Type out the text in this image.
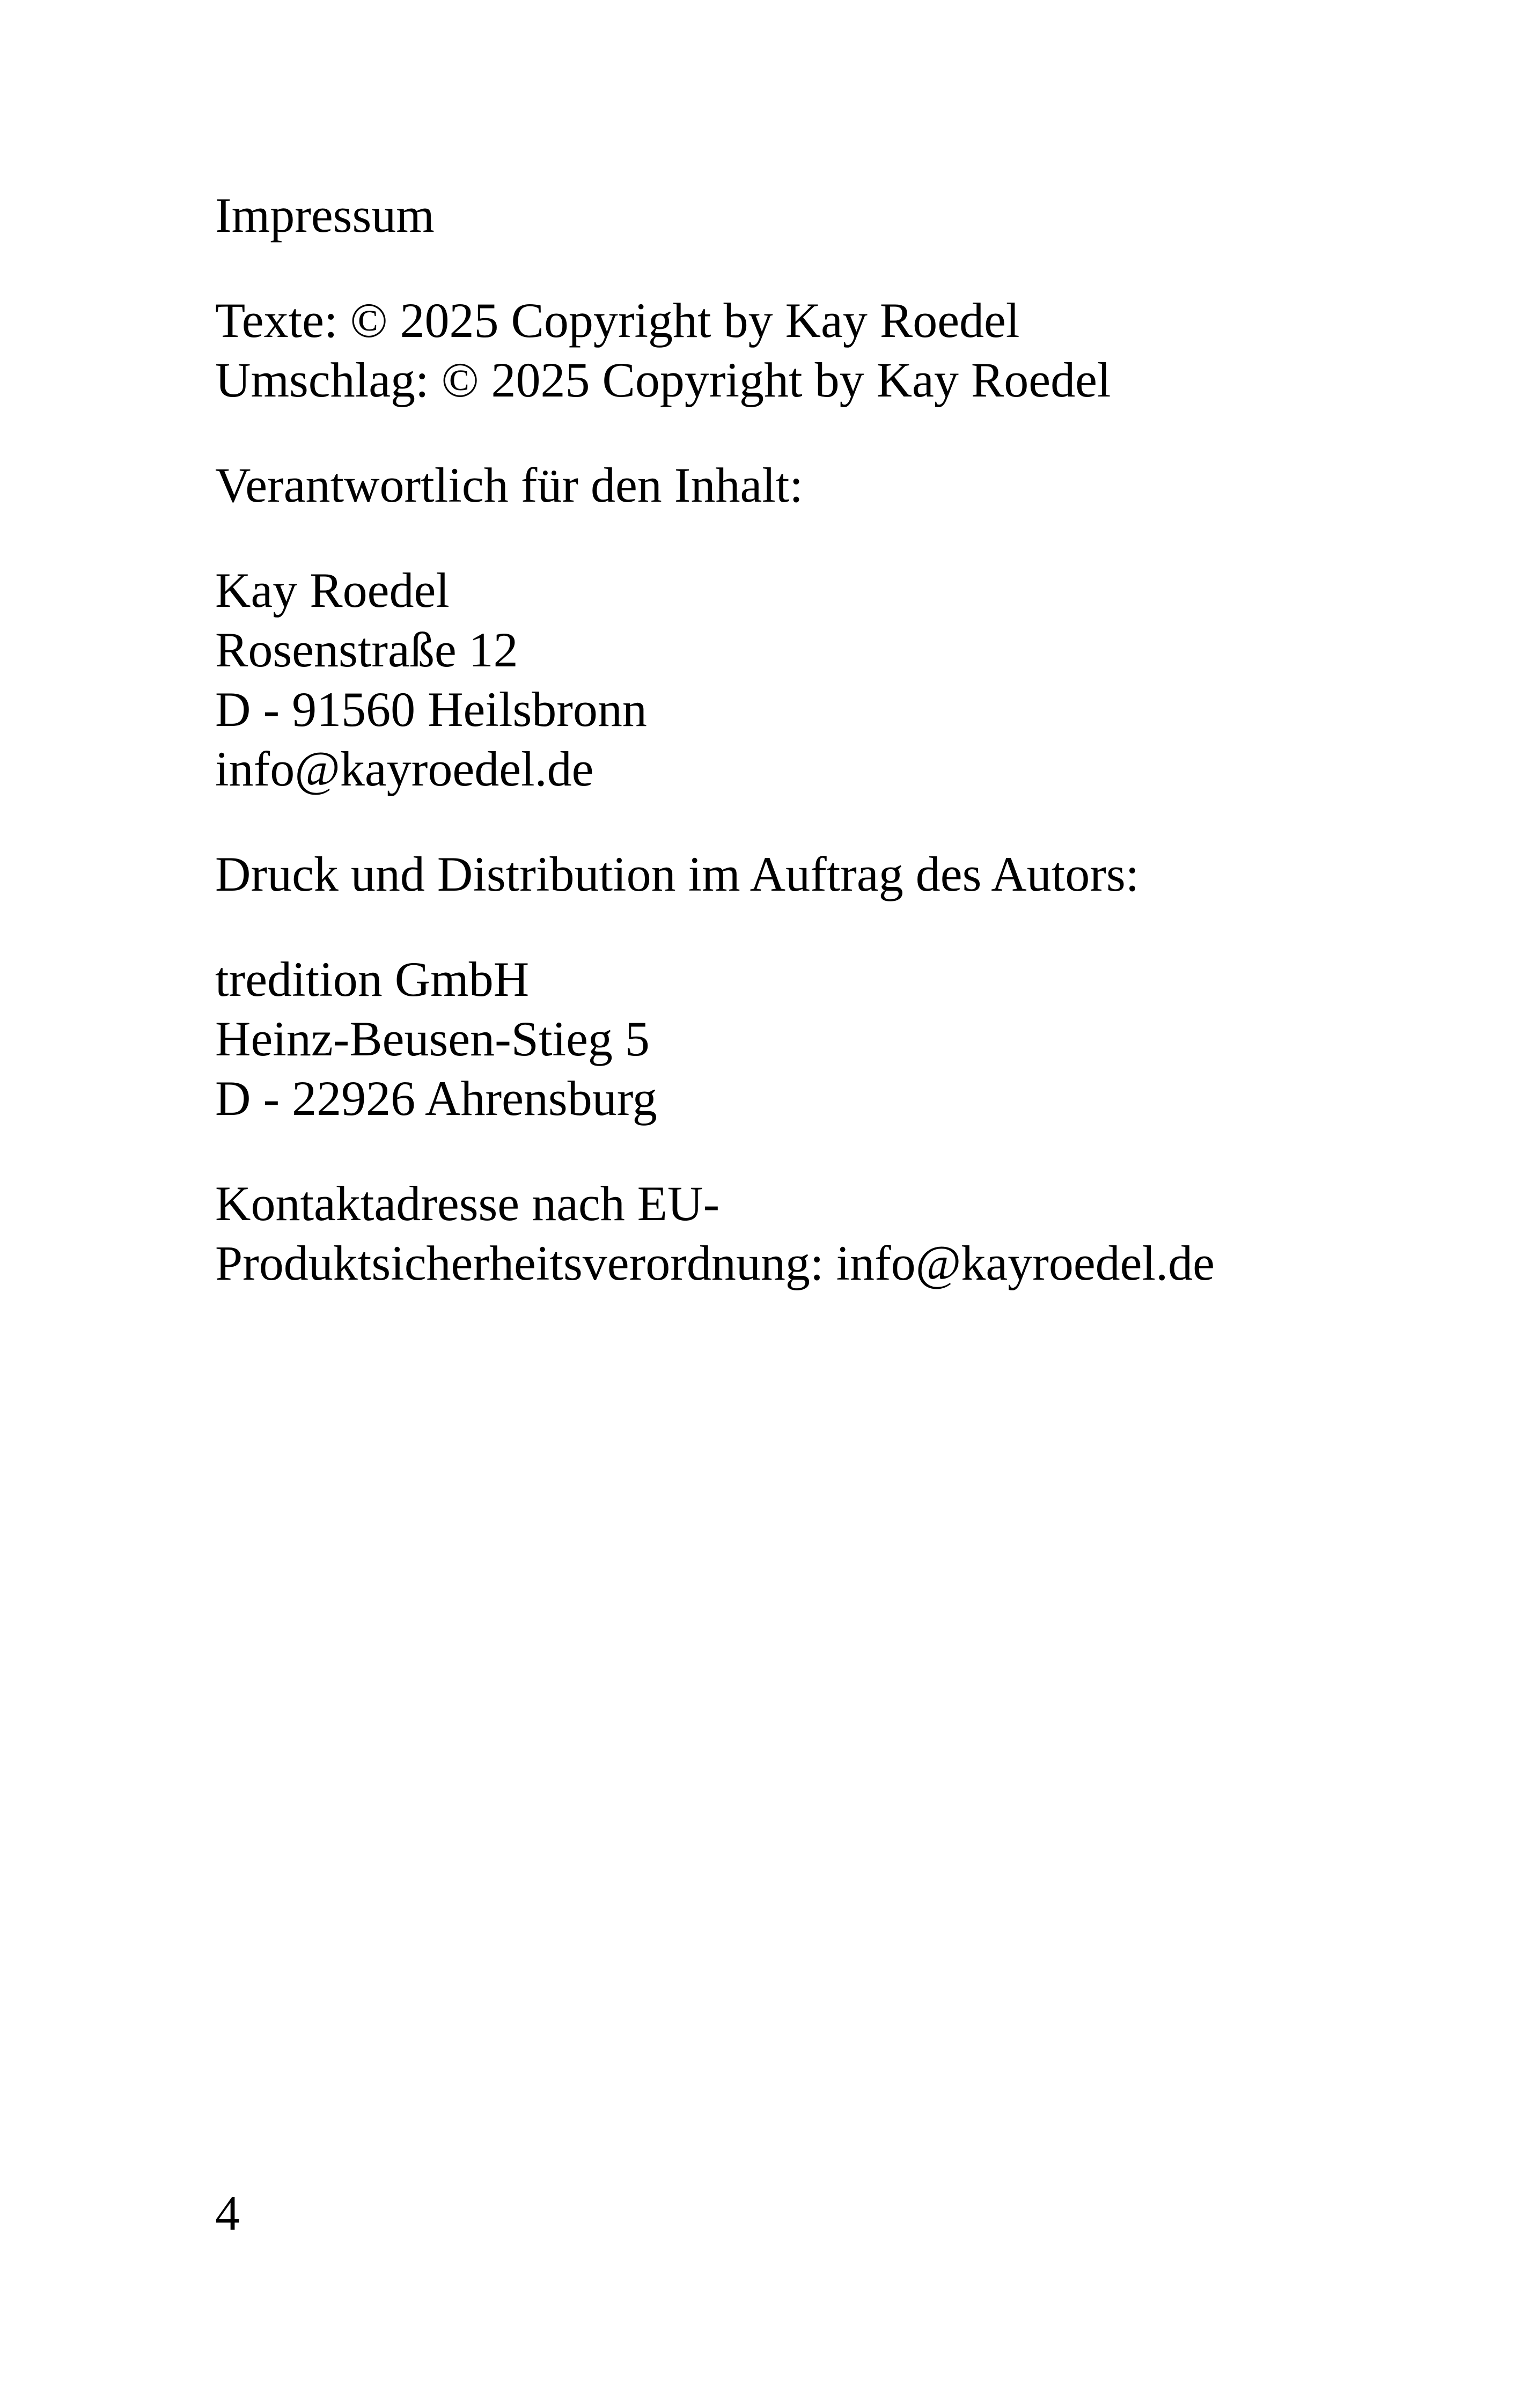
Impressum
Texte: © 2025 Copyright by Kay Roedel
Umschlag: © 2025 Copyright by Kay Roedel
Verantwortlich für den Inhalt:
Kay Roedel
Rosenstraße 12
D - 91560 Heilsbronn
info@kayroedel.de
Druck und Distribution im Auftrag des Autors:
tredition GmbH
Heinz-Beusen-Stieg 5
D - 22926 Ahrensburg
Kontaktadresse nach EU-
Produktsicherheitsverordnung: info@kayroedel.de
4
